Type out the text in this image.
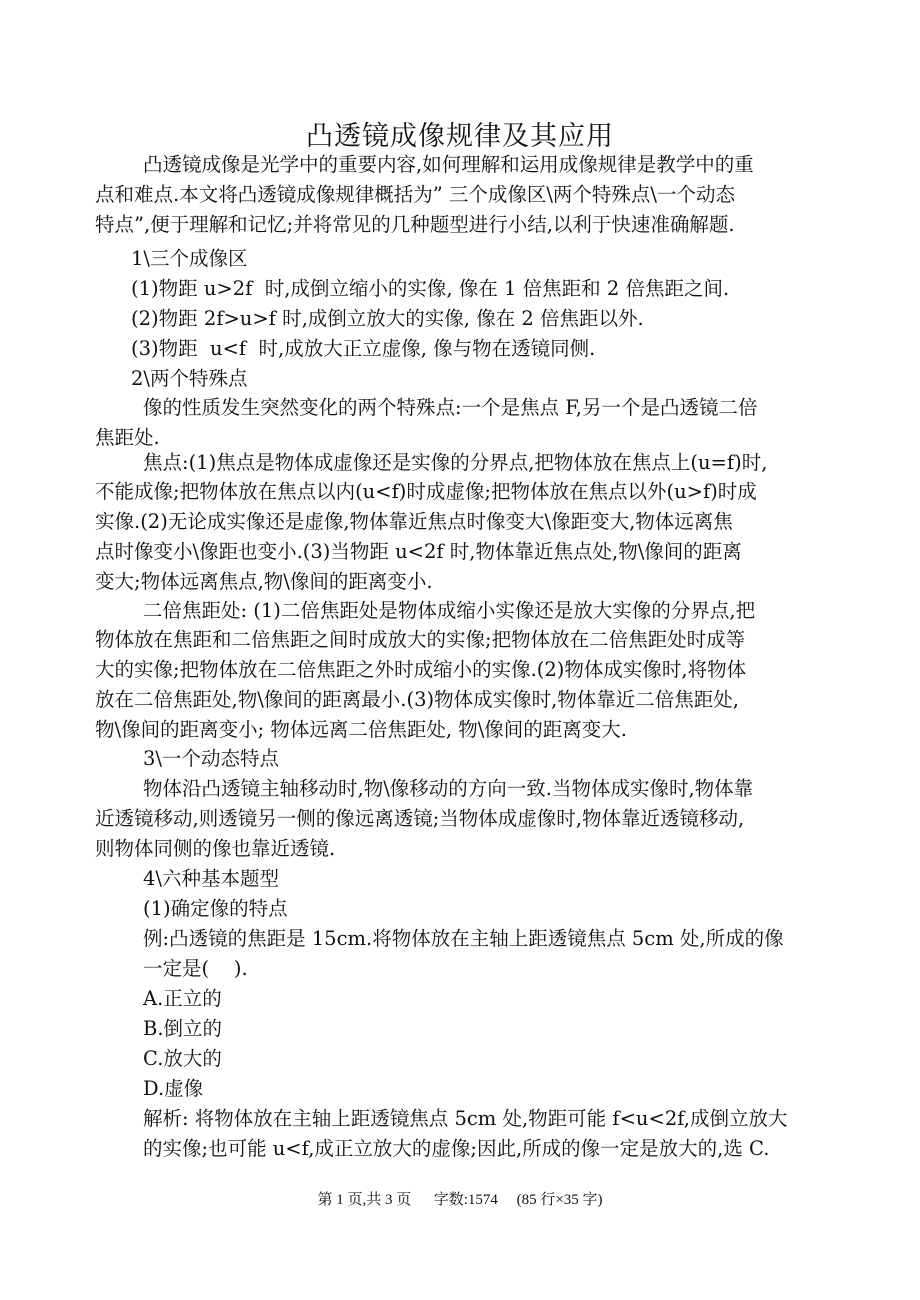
凸透镜成像规律及其应用
凸透镜成像是光学中的重要内容,如何理解和运用成像规律是教学中的重
点和难点.本文将凸透镜成像规律概括为” 三个成像区\两个特殊点\一个动态
特点”,便于理解和记忆;并将常见的几种题型进行小结,以利于快速准确解题.
1\三个成像区
(1)物距 u>2f  时,成倒立缩小的实像, 像在 1 倍焦距和 2 倍焦距之间.
(2)物距 2f>u>f 时,成倒立放大的实像, 像在 2 倍焦距以外.
(3)物距  u<f  时,成放大正立虚像, 像与物在透镜同侧.
2\两个特殊点
像的性质发生突然变化的两个特殊点:一个是焦点 F,另一个是凸透镜二倍
焦距处.
焦点:(1)焦点是物体成虚像还是实像的分界点,把物体放在焦点上(u=f)时,
不能成像;把物体放在焦点以内(u<f)时成虚像;把物体放在焦点以外(u>f)时成
实像.(2)无论成实像还是虚像,物体靠近焦点时像变大\像距变大,物体远离焦
点时像变小\像距也变小.(3)当物距 u<2f 时,物体靠近焦点处,物\像间的距离
变大;物体远离焦点,物\像间的距离变小.
二倍焦距处: (1)二倍焦距处是物体成缩小实像还是放大实像的分界点,把
物体放在焦距和二倍焦距之间时成放大的实像;把物体放在二倍焦距处时成等
大的实像;把物体放在二倍焦距之外时成缩小的实像.(2)物体成实像时,将物体
放在二倍焦距处,物\像间的距离最小.(3)物体成实像时,物体靠近二倍焦距处,
物\像间的距离变小; 物体远离二倍焦距处, 物\像间的距离变大.
3\一个动态特点
物体沿凸透镜主轴移动时,物\像移动的方向一致.当物体成实像时,物体靠
近透镜移动,则透镜另一侧的像远离透镜;当物体成虚像时,物体靠近透镜移动,
则物体同侧的像也靠近透镜.
4\六种基本题型
(1)确定像的特点
例:凸透镜的焦距是 15cm.将物体放在主轴上距透镜焦点 5cm 处,所成的像
一定是(    ).
A.正立的
B.倒立的
C.放大的
D.虚像
解析: 将物体放在主轴上距透镜焦点 5cm 处,物距可能 f<u<2f,成倒立放大
的实像;也可能 u<f,成正立放大的虚像;因此,所成的像一定是放大的,选 C.
第 1 页,共 3 页      字数:1574     (85 行×35 字)
